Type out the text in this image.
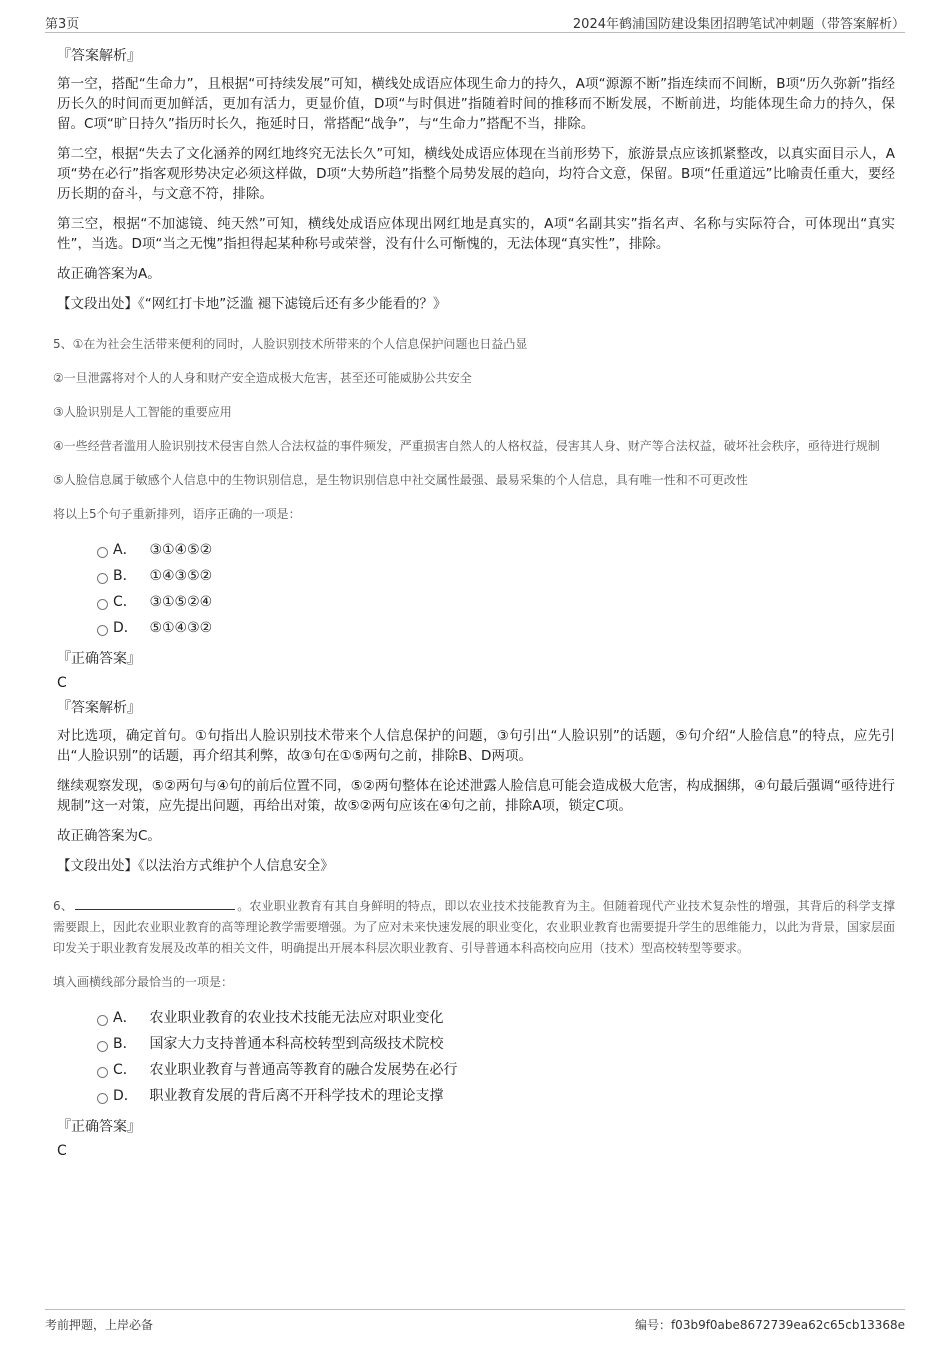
第3页	2024年鹤浦国防建设集团招聘笔试冲刺题（带答案解析）
『答案解析』

第一空，搭配“生命力”，且根据“可持续发展”可知，横线处成语应体现生命力的持久，A项“源源不断”指连续而不间断，B项“历久弥新”指经历长久的时间而更加鲜活，更加有活力，更显价值，D项“与时俱进”指随着时间的推移而不断发展，不断前进，均能体现生命力的持久，保留。C项“旷日持久”指历时长久，拖延时日，常搭配“战争”，与“生命力”搭配不当，排除。

第二空，根据“失去了文化涵养的网红地终究无法长久”可知，横线处成语应体现在当前形势下，旅游景点应该抓紧整改，以真实面目示人，A项“势在必行”指客观形势决定必须这样做，D项“大势所趋”指整个局势发展的趋向，均符合文意，保留。B项“任重道远”比喻责任重大，要经历长期的奋斗，与文意不符，排除。

第三空，根据“不加滤镜、纯天然”可知，横线处成语应体现出网红地是真实的，A项“名副其实”指名声、名称与实际符合，可体现出“真实性”，当选。D项“当之无愧”指担得起某种称号或荣誉，没有什么可惭愧的，无法体现“真实性”，排除。

故正确答案为A。

【文段出处】《“网红打卡地”泛滥 褪下滤镜后还有多少能看的？》

5、①在为社会生活带来便利的同时，人脸识别技术所带来的个人信息保护问题也日益凸显

②一旦泄露将对个人的人身和财产安全造成极大危害，甚至还可能威胁公共安全

③人脸识别是人工智能的重要应用

④一些经营者滥用人脸识别技术侵害自然人合法权益的事件频发，严重损害自然人的人格权益，侵害其人身、财产等合法权益，破坏社会秩序，亟待进行规制

⑤人脸信息属于敏感个人信息中的生物识别信息，是生物识别信息中社交属性最强、最易采集的个人信息，具有唯一性和不可更改性

将以上5个句子重新排列，语序正确的一项是：

A． ③①④⑤②
B． ①④③⑤②
C． ③①⑤②④
D． ⑤①④③②
『正确答案』
C
『答案解析』

对比选项，确定首句。①句指出人脸识别技术带来个人信息保护的问题，③句引出“人脸识别”的话题，⑤句介绍“人脸信息”的特点，应先引出“人脸识别”的话题，再介绍其利弊，故③句在①⑤两句之前，排除B、D两项。

继续观察发现，⑤②两句与④句的前后位置不同，⑤②两句整体在论述泄露人脸信息可能会造成极大危害，构成捆绑，④句最后强调“亟待进行规制”这一对策，应先提出问题，再给出对策，故⑤②两句应该在④句之前，排除A项，锁定C项。

故正确答案为C。

【文段出处】《以法治方式维护个人信息安全》

6、	。农业职业教育有其自身鲜明的特点，即以农业技术技能教育为主。但随着现代产业技术复杂性的增强，其背后的科学支撑需要跟上，因此农业职业教育的高等理论教学需要增强。为了应对未来快速发展的职业变化，农业职业教育也需要提升学生的思维能力，以此为背景，国家层面印发关于职业教育发展及改革的相关文件，明确提出开展本科层次职业教育、引导普通本科高校向应用（技术）型高校转型等要求。

填入画横线部分最恰当的一项是：

A． 农业职业教育的农业技术技能无法应对职业变化
B． 国家大力支持普通本科高校转型到高级技术院校
C． 农业职业教育与普通高等教育的融合发展势在必行
D． 职业教育发展的背后离不开科学技术的理论支撑
『正确答案』
C
考前押题，上岸必备	编号：f03b9f0abe8672739ea62c65cb13368e
